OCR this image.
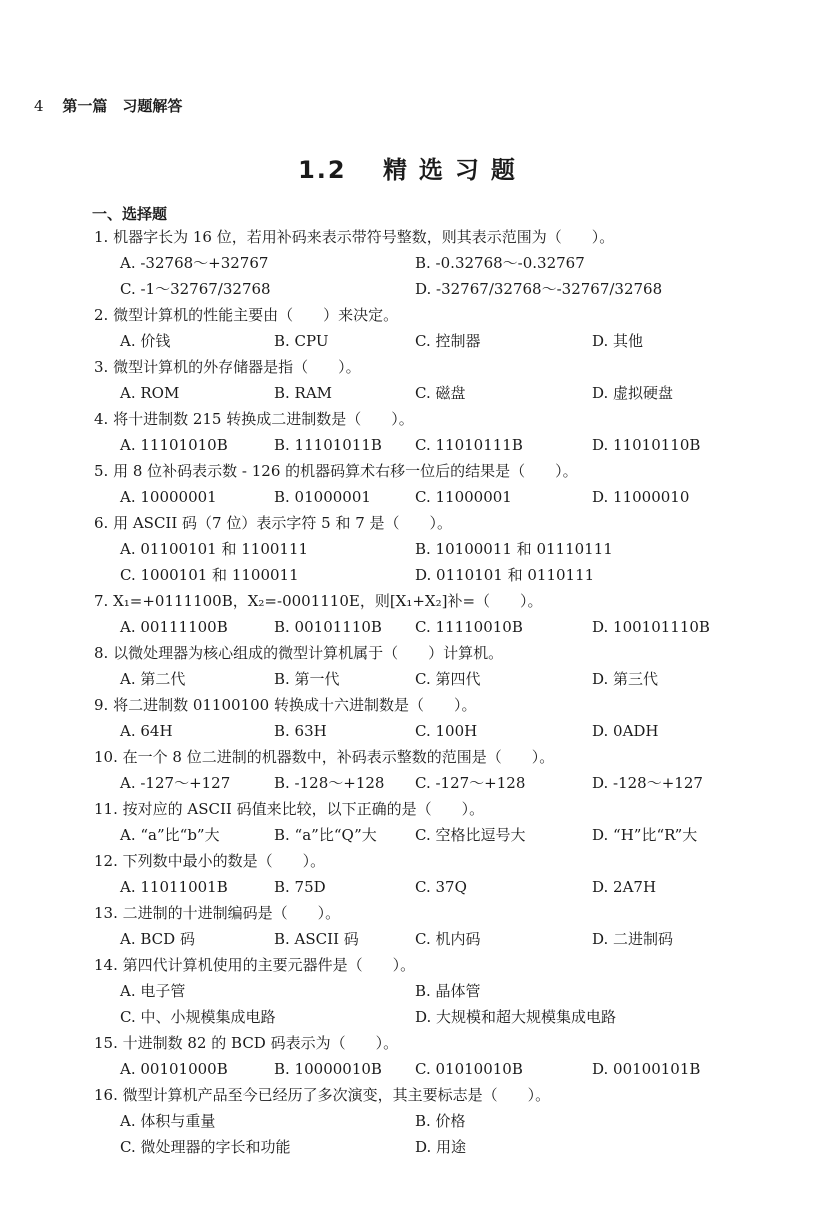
4 第一篇　习题解答
1.2 精选习题
一、选择题
1. 机器字长为 16 位，若用补码来表示带符号整数，则其表示范围为（　　）。
A. -32768～+32767	B. -0.32768～-0.32767
C. -1～32767/32768	D. -32767/32768～-32767/32768
2. 微型计算机的性能主要由（　　）来决定。
A. 价钱	B. CPU	C. 控制器	D. 其他
3. 微型计算机的外存储器是指（　　）。
A. ROM	B. RAM	C. 磁盘	D. 虚拟硬盘
4. 将十进制数 215 转换成二进制数是（　　）。
A. 11101010B	B. 11101011B C. 11010111B	D. 11010110B
5. 用 8 位补码表示数 - 126 的机器码算术右移一位后的结果是（　　）。
A. 10000001	B. 01000001	C. 11000001	D. 11000010
6. 用 ASCII 码（7 位）表示字符 5 和 7 是（　　）。
A. 01100101 和 1100111	B. 10100011 和 01110111
C. 1000101 和 1100011	D. 0110101 和 0110111
7. X₁=+0111100B，X₂=-0001110E，则[X₁+X₂]补=（　　）。
A. 00111100B	B. 00101110B C. 11110010B	D. 100101110B
8. 以微处理器为核心组成的微型计算机属于（　　）计算机。
A. 第二代	B. 第一代	C. 第四代	D. 第三代
9. 将二进制数 01100100 转换成十六进制数是（　　）。
A. 64H	B. 63H	C. 100H	D. 0ADH
10. 在一个 8 位二进制的机器数中，补码表示整数的范围是（　　）。
A. -127～+127	B. -128～+128 C. -127～+128	D. -128～+127
11. 按对应的 ASCII 码值来比较，以下正确的是（　　）。
A. “a”比“b”大	B. “a”比“Q”大	C. 空格比逗号大	D. “H”比“R”大
12. 下列数中最小的数是（　　）。
A. 11011001B	B. 75D	C. 37Q	D. 2A7H
13. 二进制的十进制编码是（　　）。
A. BCD 码	B. ASCII 码	C. 机内码	D. 二进制码
14. 第四代计算机使用的主要元器件是（　　）。
A. 电子管	B. 晶体管
C. 中、小规模集成电路	D. 大规模和超大规模集成电路
15. 十进制数 82 的 BCD 码表示为（　　）。
A. 00101000B	B. 10000010B C. 01010010B	D. 00100101B
16. 微型计算机产品至今已经历了多次演变，其主要标志是（　　）。
A. 体积与重量	B. 价格
C. 微处理器的字长和功能	D. 用途
